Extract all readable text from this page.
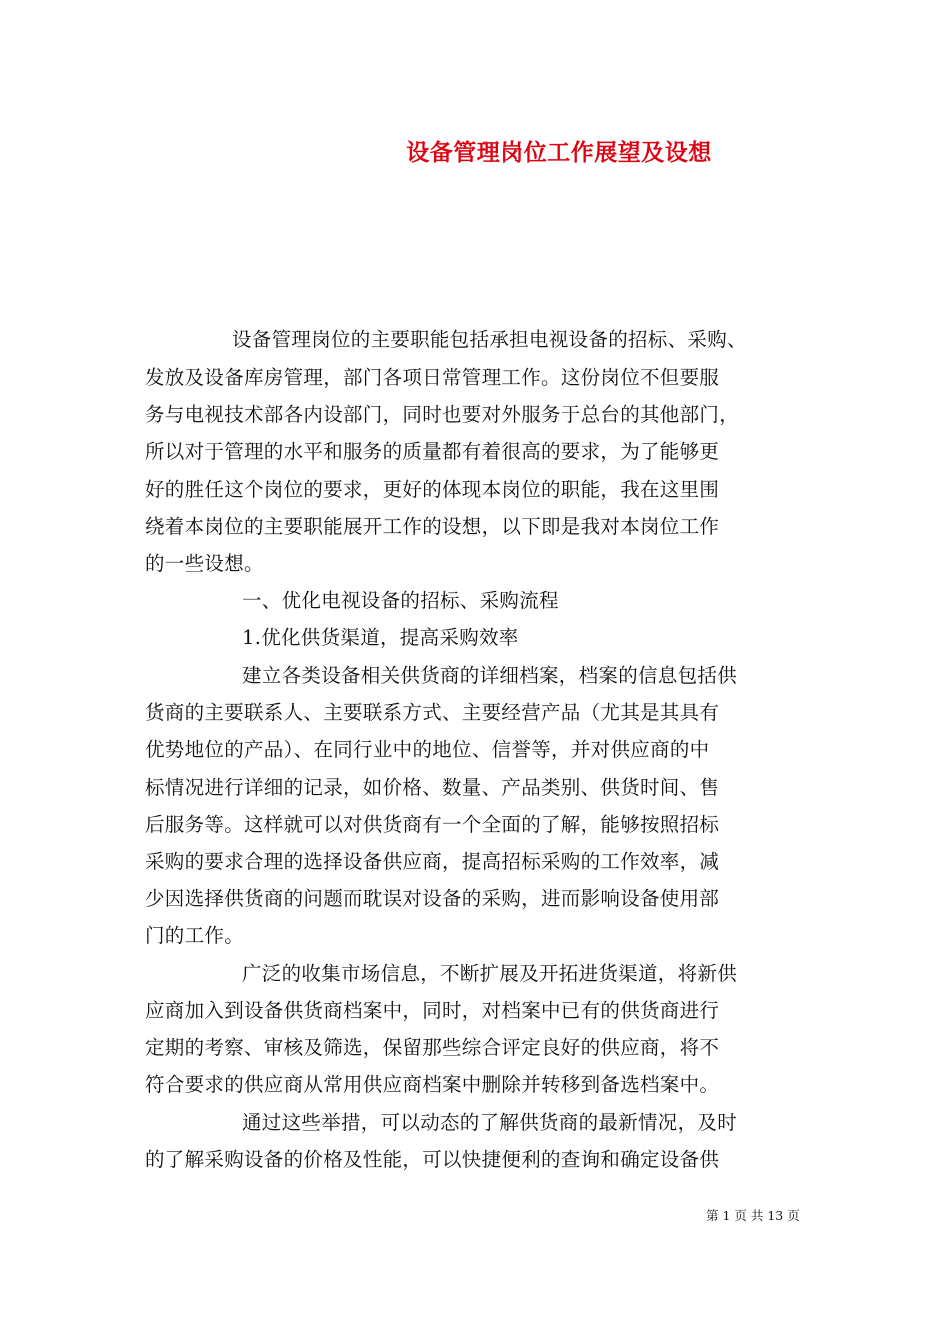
设备管理岗位工作展望及设想
设备管理岗位的主要职能包括承担电视设备的招标、采购、
发放及设备库房管理，部门各项日常管理工作。这份岗位不但要服
务与电视技术部各内设部门，同时也要对外服务于总台的其他部门，
所以对于管理的水平和服务的质量都有着很高的要求，为了能够更
好的胜任这个岗位的要求，更好的体现本岗位的职能，我在这里围
绕着本岗位的主要职能展开工作的设想，以下即是我对本岗位工作
的一些设想。
一、优化电视设备的招标、采购流程
1.优化供货渠道，提高采购效率
建立各类设备相关供货商的详细档案，档案的信息包括供
货商的主要联系人、主要联系方式、主要经营产品（尤其是其具有
优势地位的产品）、在同行业中的地位、信誉等，并对供应商的中
标情况进行详细的记录，如价格、数量、产品类别、供货时间、售
后服务等。这样就可以对供货商有一个全面的了解，能够按照招标
采购的要求合理的选择设备供应商，提高招标采购的工作效率，减
少因选择供货商的问题而耽误对设备的采购，进而影响设备使用部
门的工作。
广泛的收集市场信息，不断扩展及开拓进货渠道，将新供
应商加入到设备供货商档案中，同时，对档案中已有的供货商进行
定期的考察、审核及筛选，保留那些综合评定良好的供应商，将不
符合要求的供应商从常用供应商档案中删除并转移到备选档案中。
通过这些举措，可以动态的了解供货商的最新情况，及时
的了解采购设备的价格及性能，可以快捷便利的查询和确定设备供
第 1 页 共 13 页
